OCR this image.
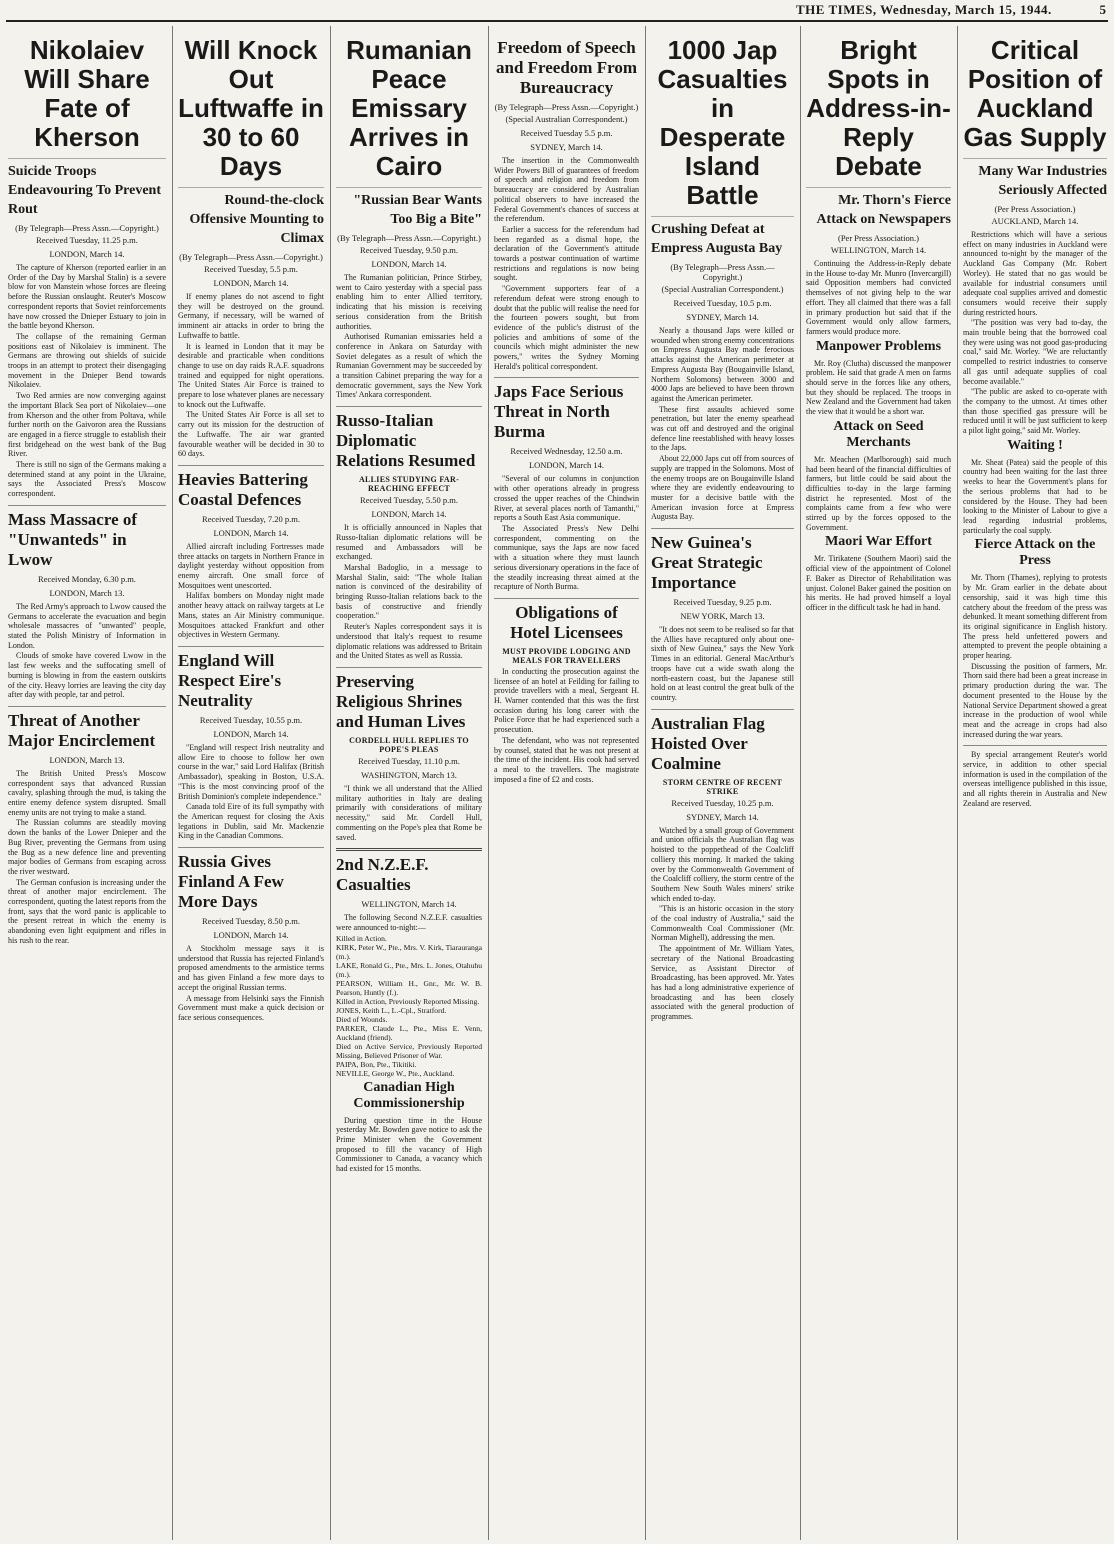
THE TIMES, Wednesday, March 15, 1944.	5
Nikolaiev Will Share Fate of Kherson
Suicide Troops Endeavouring To Prevent Rout
(By Telegraph—Press Assn.—Copyright.)
Received Tuesday, 11.25 p.m.
LONDON, March 14.

The capture of Kherson (reported earlier in an Order of the Day by Marshal Stalin) is a severe blow for von Manstein whose forces are fleeing before the Russian onslaught. Reuter's Moscow correspondent reports that Soviet reinforcements have now crossed the Dnieper Estuary to join in the battle beyond Kherson.

The collapse of the remaining German positions east of Nikolaiev is imminent. The Germans are throwing out shields of suicide troops in an attempt to protect their disengaging movement in the Dnieper Bend towards Nikolaiev.

Two Red armies are now converging against the important Black Sea port of Nikolaiev—one from Kherson and the other from Poltava, while further north on the Gaivoron area the Russians are engaged in a fierce struggle to establish their first bridgehead on the west bank of the Bug River.

There is still no sign of the Germans making a determined stand at any point in the Ukraine, says the Associated Press's Moscow correspondent.

Mass Massacre of "Unwanteds" in Lwow
Received Monday, 6.30 p.m.
LONDON, March 13.

The Red Army's approach to Lwow caused the Germans to accelerate the evacuation and begin wholesale massacres of "unwanted" people, stated the Polish Ministry of Information in London.

Clouds of smoke have covered Lwow in the last few weeks and the suffocating smell of burning is blowing in from the eastern outskirts of the city. Heavy lorries are leaving the city day after day with people, tar and petrol.

Threat of Another Major Encirclement
LONDON, March 13.

The British United Press's Moscow correspondent says that advanced Russian cavalry, splashing through the mud, is taking the entire enemy defence system disrupted. Small enemy units are not trying to make a stand.

The Russian columns are steadily moving down the banks of the Lower Dnieper and the Bug River, preventing the Germans from using the Bug as a new defence line and preventing major bodies of Germans from escaping across the river westward.

The German confusion is increasing under the threat of another major encirclement. The correspondent, quoting the latest reports from the front, says that the word panic is applicable to the present retreat in which the enemy is abandoning even light equipment and rifles in his rush to the rear.

Will Knock Out Luftwaffe in 30 to 60 Days
Round-the-clock Offensive Mounting to Climax
(By Telegraph—Press Assn.—Copyright.)
Received Tuesday, 5.5 p.m.
LONDON, March 14.

If enemy planes do not ascend to fight they will be destroyed on the ground. Germany, if necessary, will be warned of imminent air attacks in order to bring the Luftwaffe to battle.

It is learned in London that it may be desirable and practicable when conditions change to use on day raids R.A.F. squadrons trained and equipped for night operations. The United States Air Force is trained to prepare to lose whatever planes are necessary to knock out the Luftwaffe.

The United States Air Force is all set to carry out its mission for the destruction of the Luftwaffe. The air war granted favourable weather will be decided in 30 to 60 days.

Heavies Battering Coastal Defences
Received Tuesday, 7.20 p.m.
LONDON, March 14.

Allied aircraft including Fortresses made three attacks on targets in Northern France in daylight yesterday without opposition from enemy aircraft. One small force of Mosquitoes went unescorted.

Halifax bombers on Monday night made another heavy attack on railway targets at Le Mans, states an Air Ministry communique. Mosquitoes attacked Frankfurt and other objectives in Western Germany.

England Will Respect Eire's Neutrality
Received Tuesday, 10.55 p.m.
LONDON, March 14.

"England will respect Irish neutrality and allow Eire to choose to follow her own course in the war," said Lord Halifax (British Ambassador), speaking in Boston, U.S.A. "This is the most convincing proof of the British Dominion's complete independence."

Canada told Eire of its full sympathy with the American request for closing the Axis legations in Dublin, said Mr. Mackenzie King in the Canadian Commons.

Russia Gives Finland A Few More Days
Received Tuesday, 8.50 p.m.
LONDON, March 14.

A Stockholm message says it is understood that Russia has rejected Finland's proposed amendments to the armistice terms and has given Finland a few more days to accept the original Russian terms.

A message from Helsinki says the Finnish Government must make a quick decision or face serious consequences.

Rumanian Peace Emissary Arrives in Cairo
"Russian Bear Wants Too Big a Bite"
(By Telegraph—Press Assn.—Copyright.)
Received Tuesday, 9.50 p.m.
LONDON, March 14.

The Rumanian politician, Prince Stirbey, went to Cairo yesterday with a special pass enabling him to enter Allied territory, indicating that his mission is receiving serious consideration from the British authorities.

Authorised Rumanian emissaries held a conference in Ankara on Saturday with Soviet delegates as a result of which the Rumanian Government may be succeeded by a transition Cabinet preparing the way for a democratic government, says the New York Times' Ankara correspondent.

Russo-Italian Diplomatic Relations Resumed
ALLIES STUDYING FAR-REACHING EFFECT
Received Tuesday, 5.50 p.m.
LONDON, March 14.

It is officially announced in Naples that Russo-Italian diplomatic relations will be resumed and Ambassadors will be exchanged.

Marshal Badoglio, in a message to Marshal Stalin, said: "The whole Italian nation is convinced of the desirability of bringing Russo-Italian relations back to the basis of constructive and friendly cooperation."

Reuter's Naples correspondent says it is understood that Italy's request to resume diplomatic relations was addressed to Britain and the United States as well as Russia.

Preserving Religious Shrines and Human Lives
CORDELL HULL REPLIES TO POPE'S PLEAS
Received Tuesday, 11.10 p.m.
WASHINGTON, March 13.

"I think we all understand that the Allied military authorities in Italy are dealing primarily with considerations of military necessity," said Mr. Cordell Hull, commenting on the Pope's plea that Rome be saved.

2nd N.Z.E.F. Casualties
WELLINGTON, March 14.

The following Second N.Z.E.F. casualties were announced to-night:—

Killed in Action.

KIRK, Peter W., Pte., Mrs. V. Kirk, Tiarauranga (m.).

LAKE, Ronald G., Pte., Mrs. L. Jones, Otahuhu (m.).

PEARSON, William H., Gnr., Mr. W. B. Pearson, Huntly (f.).

Killed in Action, Previously Reported Missing.

JONES, Keith L., L.-Cpl., Stratford.

Died of Wounds.

PARKER, Claude L., Pte., Miss E. Venn, Auckland (friend).

Died on Active Service, Previously Reported Missing, Believed Prisoner of War.

PAIPA, Bon, Pte., Tikitiki.

NEVILLE, George W., Pte., Auckland.

Canadian High Commissionership

During question time in the House yesterday Mr. Bowden gave notice to ask the Prime Minister when the Government proposed to fill the vacancy of High Commissioner to Canada, a vacancy which had existed for 15 months.

Freedom of Speech and Freedom From Bureaucracy
(By Telegraph—Press Assn.—Copyright.)
(Special Australian Correspondent.)
Received Tuesday 5.5 p.m.
SYDNEY, March 14.

The insertion in the Commonwealth Wider Powers Bill of guarantees of freedom of speech and religion and freedom from bureaucracy are considered by Australian political observers to have increased the Federal Government's chances of success at the referendum.

Earlier a success for the referendum had been regarded as a dismal hope, the declaration of the Government's attitude towards a postwar continuation of wartime restrictions and regulations is now being sought.

"Government supporters fear of a referendum defeat were strong enough to doubt that the public will realise the need for the fourteen powers sought, but from evidence of the public's distrust of the policies and ambitions of some of the councils which might administer the new powers," writes the Sydney Morning Herald's political correspondent.

Japs Face Serious Threat in North Burma
Received Wednesday, 12.50 a.m.
LONDON, March 14.

"Several of our columns in conjunction with other operations already in progress crossed the upper reaches of the Chindwin River, at several places north of Tamanthi," reports a South East Asia communique.

The Associated Press's New Delhi correspondent, commenting on the communique, says the Japs are now faced with a situation where they must launch serious diversionary operations in the face of the steadily increasing threat aimed at the recapture of North Burma.

Obligations of Hotel Licensees
MUST PROVIDE LODGING AND MEALS FOR TRAVELLERS

In conducting the prosecution against the licensee of an hotel at Feilding for failing to provide travellers with a meal, Sergeant H. H. Warner contended that this was the first occasion during his long career with the Police Force that he had experienced such a prosecution.

The defendant, who was not represented by counsel, stated that he was not present at the time of the incident. His cook had served a meal to the travellers. The magistrate imposed a fine of £2 and costs.

1000 Jap Casualties in Desperate Island Battle
Crushing Defeat at Empress Augusta Bay
(By Telegraph—Press Assn.—Copyright.)
(Special Australian Correspondent.)
Received Tuesday, 10.5 p.m.
SYDNEY, March 14.

Nearly a thousand Japs were killed or wounded when strong enemy concentrations on Empress Augusta Bay made ferocious attacks against the American perimeter at Empress Augusta Bay (Bougainville Island, Northern Solomons) between 3000 and 4000 Japs are believed to have been thrown against the American perimeter.

These first assaults achieved some penetration, but later the enemy spearhead was cut off and destroyed and the original defence line reestablished with heavy losses to the Japs.

About 22,000 Japs cut off from sources of supply are trapped in the Solomons. Most of the enemy troops are on Bougainville Island where they are evidently endeavouring to muster for a decisive battle with the American invasion force at Empress Augusta Bay.

New Guinea's Great Strategic Importance
Received Tuesday, 9.25 p.m.
NEW YORK, March 13.

"It does not seem to be realised so far that the Allies have recaptured only about one-sixth of New Guinea," says the New York Times in an editorial. General MacArthur's troops have cut a wide swath along the north-eastern coast, but the Japanese still hold on at least control the great bulk of the country.

Australian Flag Hoisted Over Coalmine
STORM CENTRE OF RECENT STRIKE
Received Tuesday, 10.25 p.m.
SYDNEY, March 14.

Watched by a small group of Government and union officials the Australian flag was hoisted to the poppethead of the Coalcliff colliery this morning. It marked the taking over by the Commonwealth Government of the Coalcliff colliery, the storm centre of the Southern New South Wales miners' strike which ended to-day.

"This is an historic occasion in the story of the coal industry of Australia," said the Commonwealth Coal Commissioner (Mr. Norman Mighell), addressing the men.

The appointment of Mr. William Yates, secretary of the National Broadcasting Service, as Assistant Director of Broadcasting, has been approved. Mr. Yates has had a long administrative experience of broadcasting and has been closely associated with the general production of programmes.

Bright Spots in Address-in-Reply Debate
Mr. Thorn's Fierce Attack on Newspapers
(Per Press Association.)
WELLINGTON, March 14.

Continuing the Address-in-Reply debate in the House to-day Mr. Munro (Invercargill) said Opposition members had convicted themselves of not giving help to the war effort. They all claimed that there was a fall in primary production but said that if the Government would only allow farmers, farmers would produce more.

Manpower Problems

Mr. Roy (Clutha) discussed the manpower problem. He said that grade A men on farms should serve in the forces like any others, but they should be replaced. The troops in New Zealand and the Government had taken the view that it would be a short war.

Attack on Seed Merchants

Mr. Meachen (Marlborough) said much had been heard of the financial difficulties of farmers, but little could be said about the difficulties to-day in the large farming district he represented. Most of the complaints came from a few who were stirred up by the forces opposed to the Government.

Maori War Effort

Mr. Tirikatene (Southern Maori) said the official view of the appointment of Colonel F. Baker as Director of Rehabilitation was unjust. Colonel Baker gained the position on his merits. He had proved himself a loyal officer in the difficult task he had in hand.

Critical Position of Auckland Gas Supply
Many War Industries Seriously Affected
(Per Press Association.)
AUCKLAND, March 14.

Restrictions which will have a serious effect on many industries in Auckland were announced to-night by the manager of the Auckland Gas Company (Mr. Robert Worley). He stated that no gas would be available for industrial consumers until adequate coal supplies arrived and domestic consumers would receive their supply during restricted hours.

"The position was very bad to-day, the main trouble being that the borrowed coal they were using was not good gas-producing coal," said Mr. Worley. "We are reluctantly compelled to restrict industries to conserve all gas until adequate supplies of coal become available."

"The public are asked to co-operate with the company to the utmost. At times other than those specified gas pressure will be reduced until it will be just sufficient to keep a pilot light going," said Mr. Worley.

Waiting !

Mr. Sheat (Patea) said the people of this country had been waiting for the last three weeks to hear the Government's plans for the serious problems that had to be considered by the House. They had been looking to the Minister of Labour to give a lead regarding industrial problems, particularly the coal supply.

Fierce Attack on the Press

Mr. Thorn (Thames), replying to protests by Mr. Gram earlier in the debate about censorship, said it was high time this catchery about the freedom of the press was debunked. It meant something different from its original significance in English history. The press held unfettered powers and attempted to prevent the people obtaining a proper hearing.

Discussing the position of farmers, Mr. Thorn said there had been a great increase in primary production during the war. The document presented to the House by the National Service Department showed a great increase in the production of wool while meat and the acreage in crops had also increased during the war years.

By special arrangement Reuter's world service, in addition to other special information is used in the compilation of the overseas intelligence published in this issue, and all rights therein in Australia and New Zealand are reserved.
